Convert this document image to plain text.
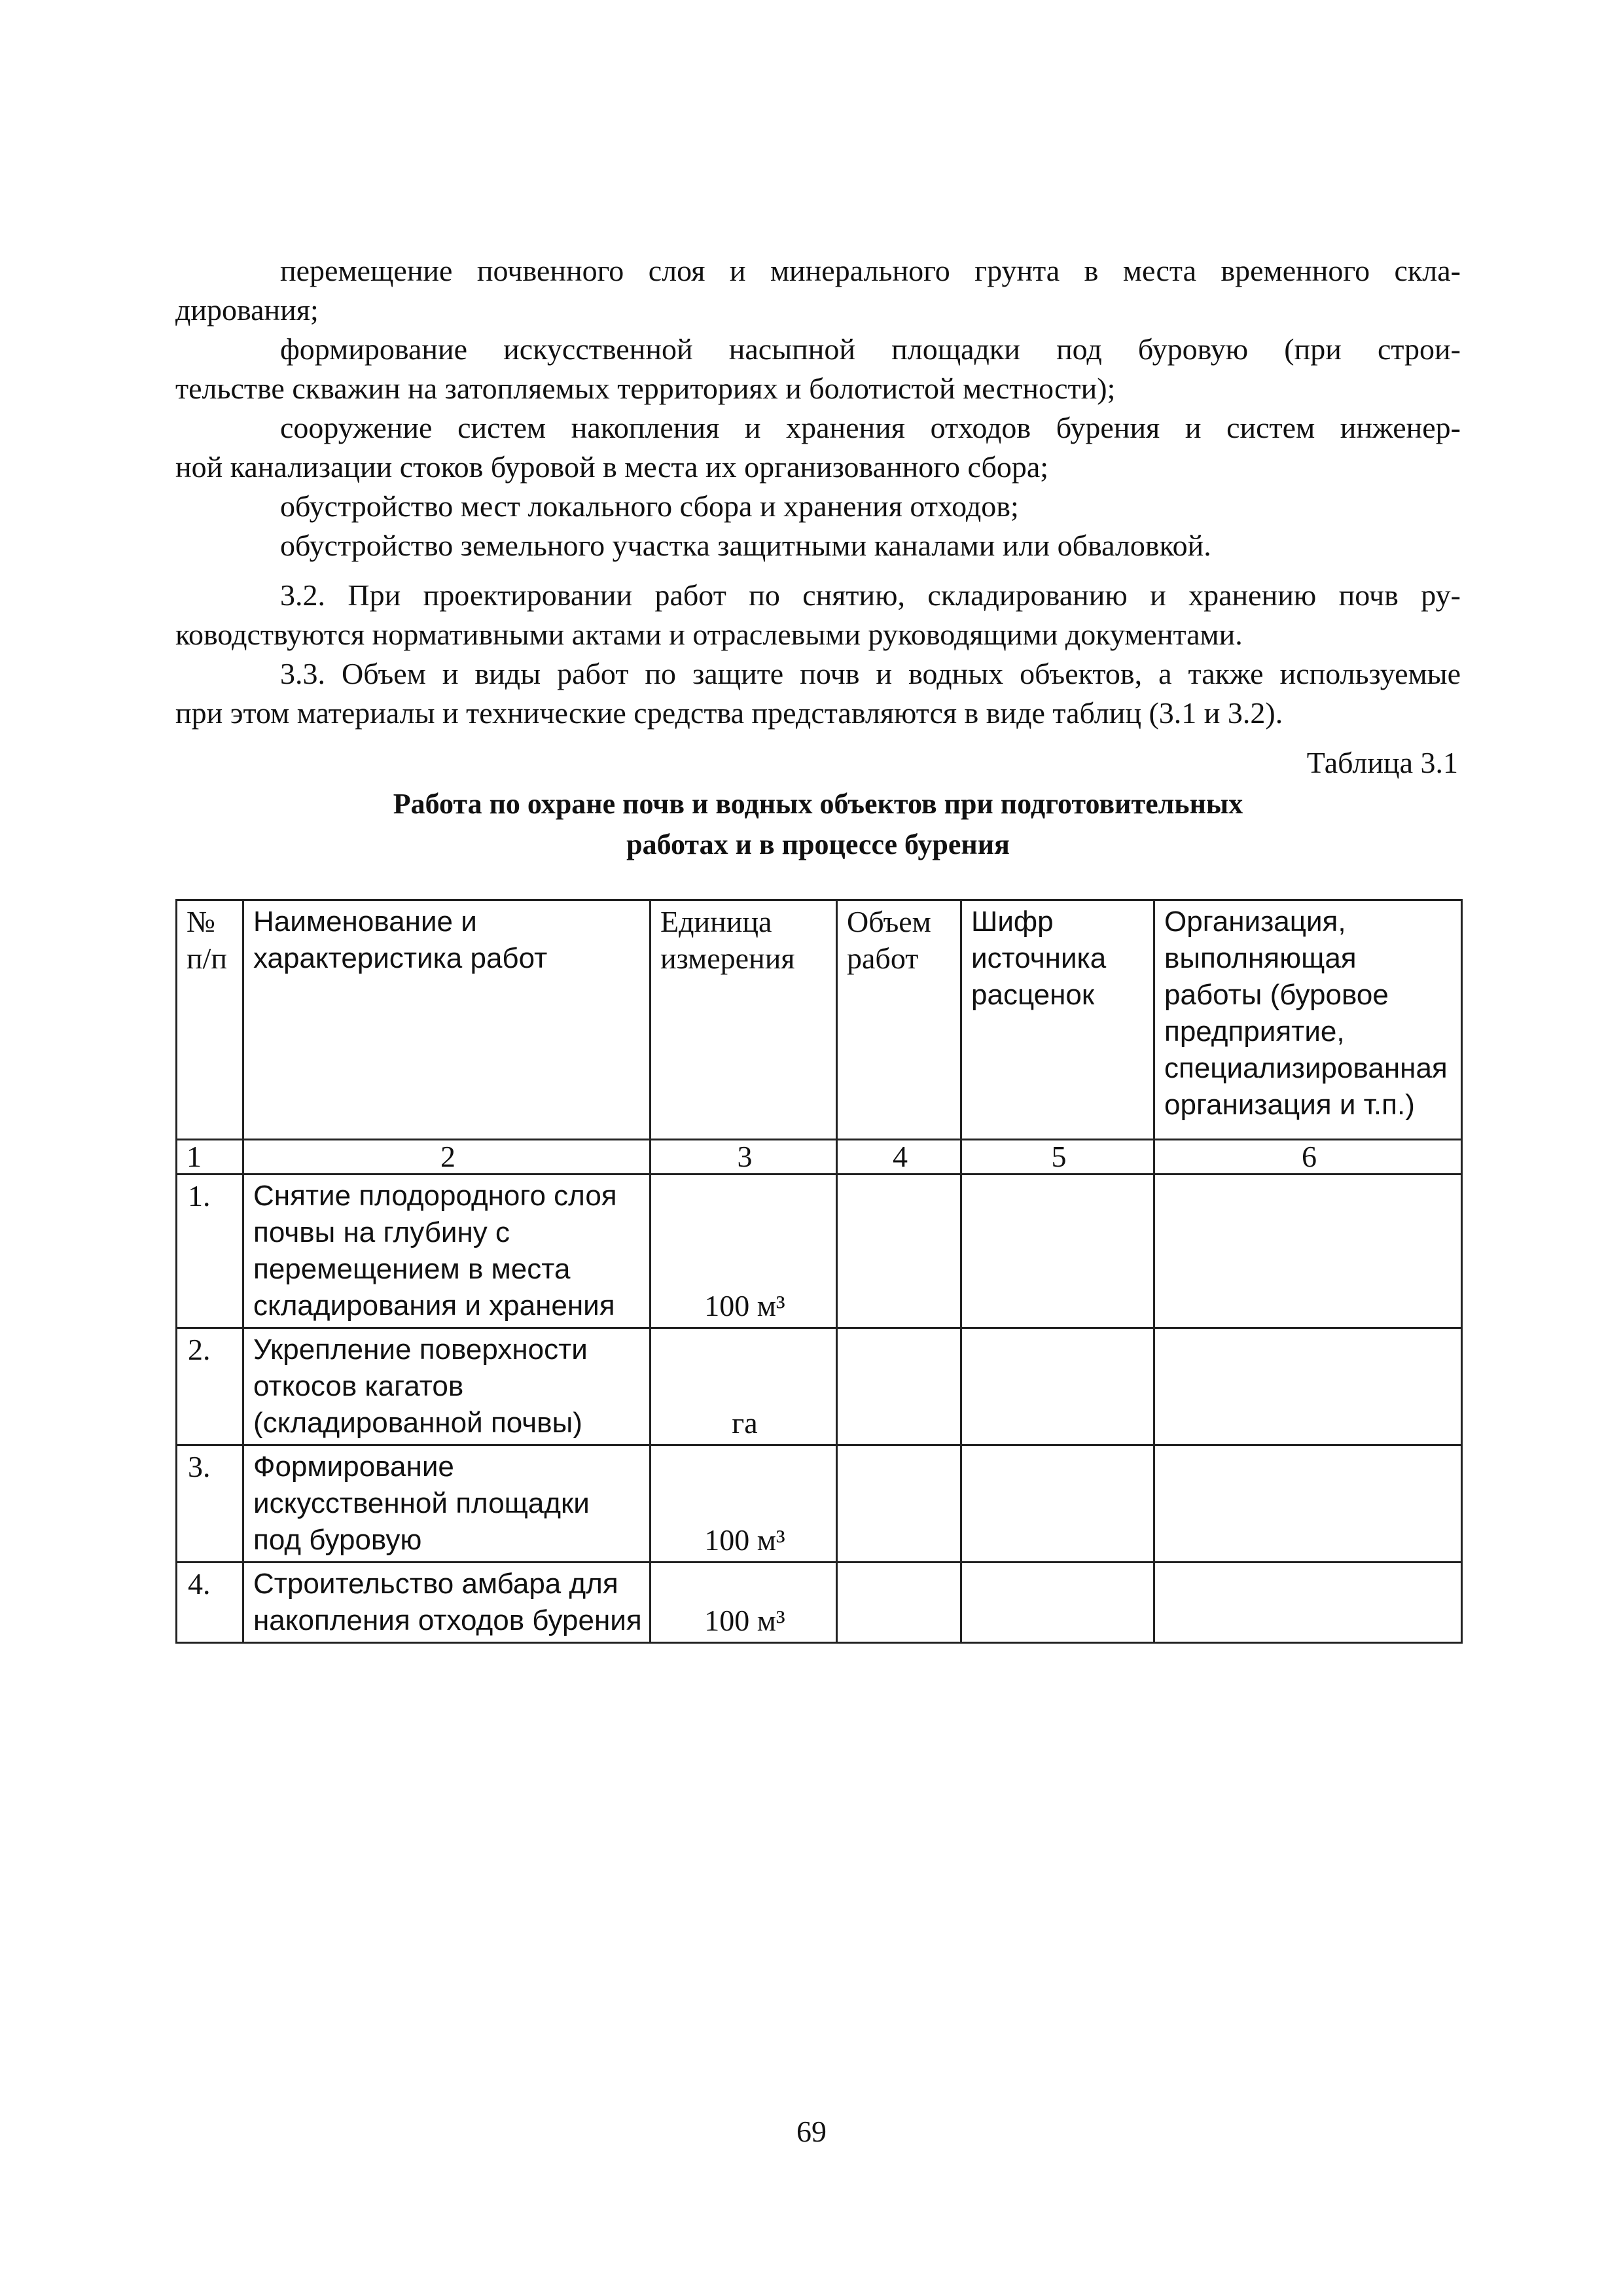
перемещение почвенного слоя и минерального грунта в места временного скла-

дирования;

формирование искусственной насыпной площадки под буровую (при строи-

тельстве скважин на затопляемых территориях и болотистой местности);

сооружение систем накопления и хранения отходов бурения и систем инженер-

ной канализации стоков буровой в места их организованного сбора;

обустройство мест локального сбора и хранения отходов;

обустройство земельного участка защитными каналами или обваловкой.

3.2. При проектировании работ по снятию, складированию и хранению почв ру-

ководствуются нормативными актами и отраслевыми руководящими документами.

3.3. Объем и виды работ по защите почв и водных объектов, а также используемые

при этом материалы и технические средства представляются в виде таблиц (3.1 и 3.2).

Таблица 3.1

Работа по охране почв и водных объектов при подготовительных
работах и в процессе бурения
№ п/п	Наименование и характеристика работ	Единица измерения	Объем работ	Шифр источника расценок	Организация, выполняющая работы (буровое предприятие, специализированная организация и т.п.)
1	2	3	4	5	6
1.	Снятие плодородного слоя почвы на глубину с перемещением в места складирования и хранения	100 м³			
2.	Укрепление поверхности откосов кагатов (складированной почвы)	га			
3.	Формирование искусственной площадки под буровую	100 м³			
4.	Строительство амбара для накопления отходов бурения	100 м³			

69
